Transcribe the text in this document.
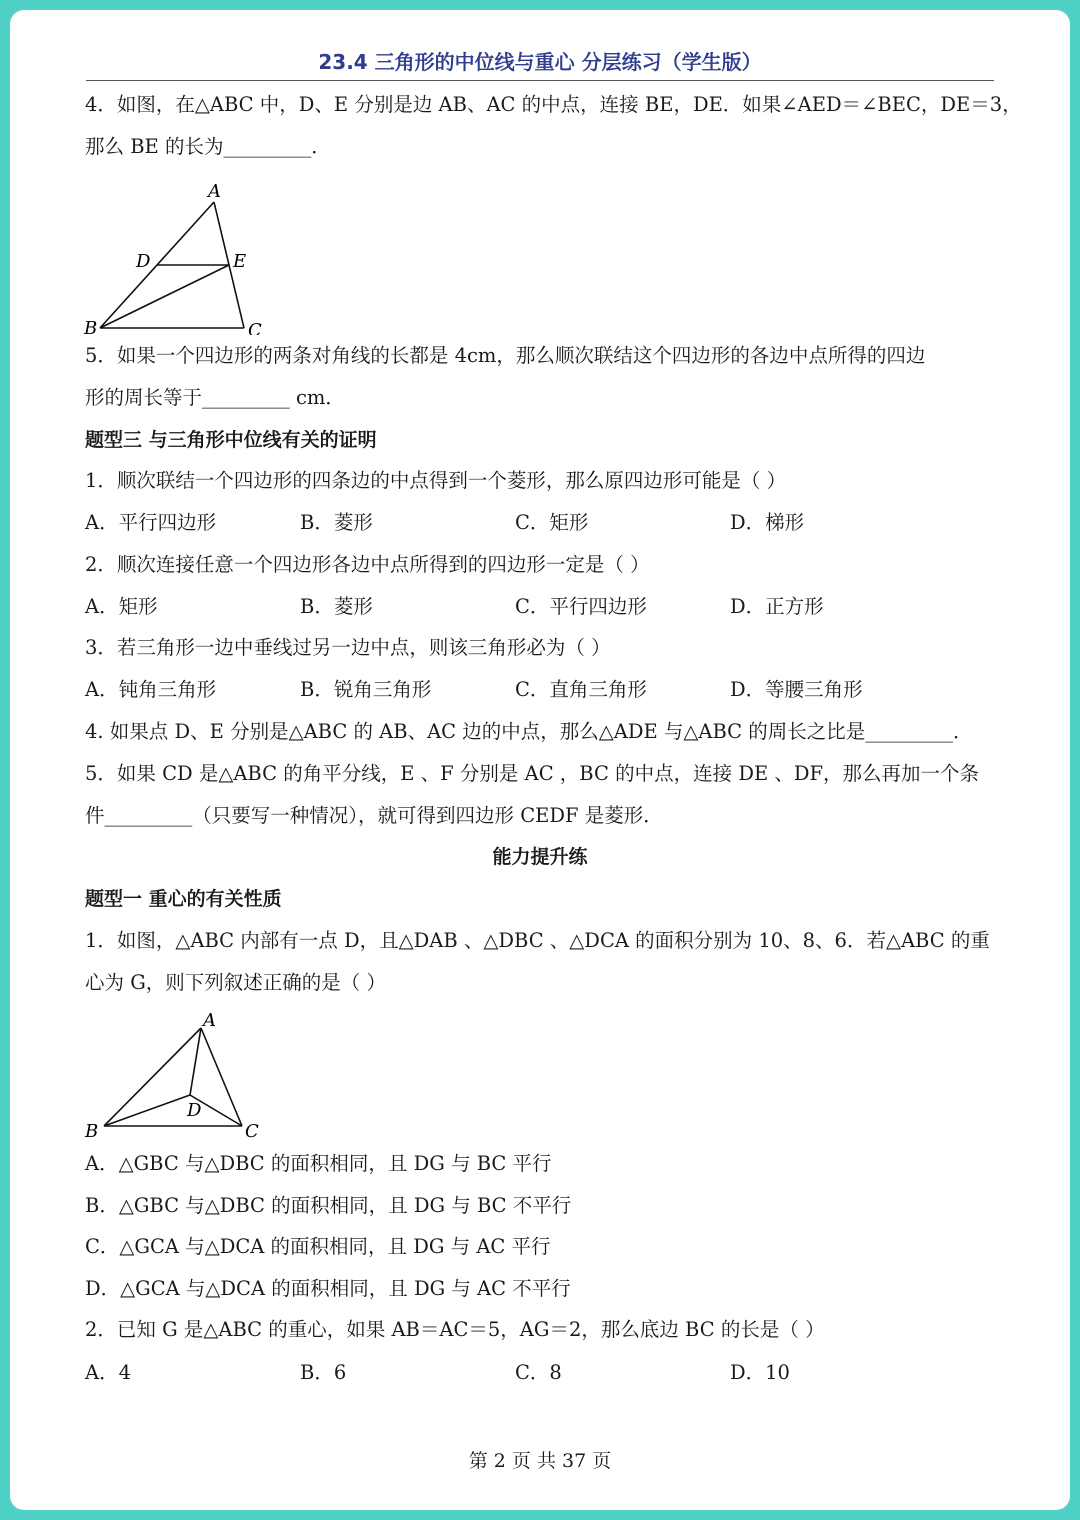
23.4 三角形的中位线与重心 分层练习（学生版）
4．如图，在△ABC 中，D、E 分别是边 AB、AC 的中点，连接 BE，DE．如果∠AED＝∠BEC，DE＝3，
那么 BE 的长为_________．
A
D	E
B	C
5．如果一个四边形的两条对角线的长都是 4cm，那么顺次联结这个四边形的各边中点所得的四边
形的周长等于_________ cm．
题型三 与三角形中位线有关的证明
1．顺次联结一个四边形的四条边的中点得到一个菱形，那么原四边形可能是（ ）
A．平行四边形	B．菱形	C．矩形	D．梯形
2．顺次连接任意一个四边形各边中点所得到的四边形一定是（ ）
A．矩形	B．菱形	C．平行四边形	D．正方形
3．若三角形一边中垂线过另一边中点，则该三角形必为（ ）
A．钝角三角形	B．锐角三角形	C．直角三角形	D．等腰三角形
4. 如果点 D、E 分别是△ABC 的 AB、AC 边的中点，那么△ADE 与△ABC 的周长之比是_________．
5．如果 CD 是△ABC 的角平分线，E 、F 分别是 AC ，BC 的中点，连接 DE 、DF，那么再加一个条
件_________（只要写一种情况），就可得到四边形 CEDF 是菱形．
能力提升练
题型一 重心的有关性质
1．如图，△ABC 内部有一点 D，且△DAB 、△DBC 、△DCA 的面积分别为 10、8、6．若△ABC 的重
心为 G，则下列叙述正确的是（ ）
A
D
B	C
A．△GBC 与△DBC 的面积相同，且 DG 与 BC 平行
B．△GBC 与△DBC 的面积相同，且 DG 与 BC 不平行
C．△GCA 与△DCA 的面积相同，且 DG 与 AC 平行
D．△GCA 与△DCA 的面积相同，且 DG 与 AC 不平行
2．已知 G 是△ABC 的重心，如果 AB＝AC＝5，AG＝2，那么底边 BC 的长是（ ）
A．4	B．6	C．8	D．10
第 2 页 共 37 页
